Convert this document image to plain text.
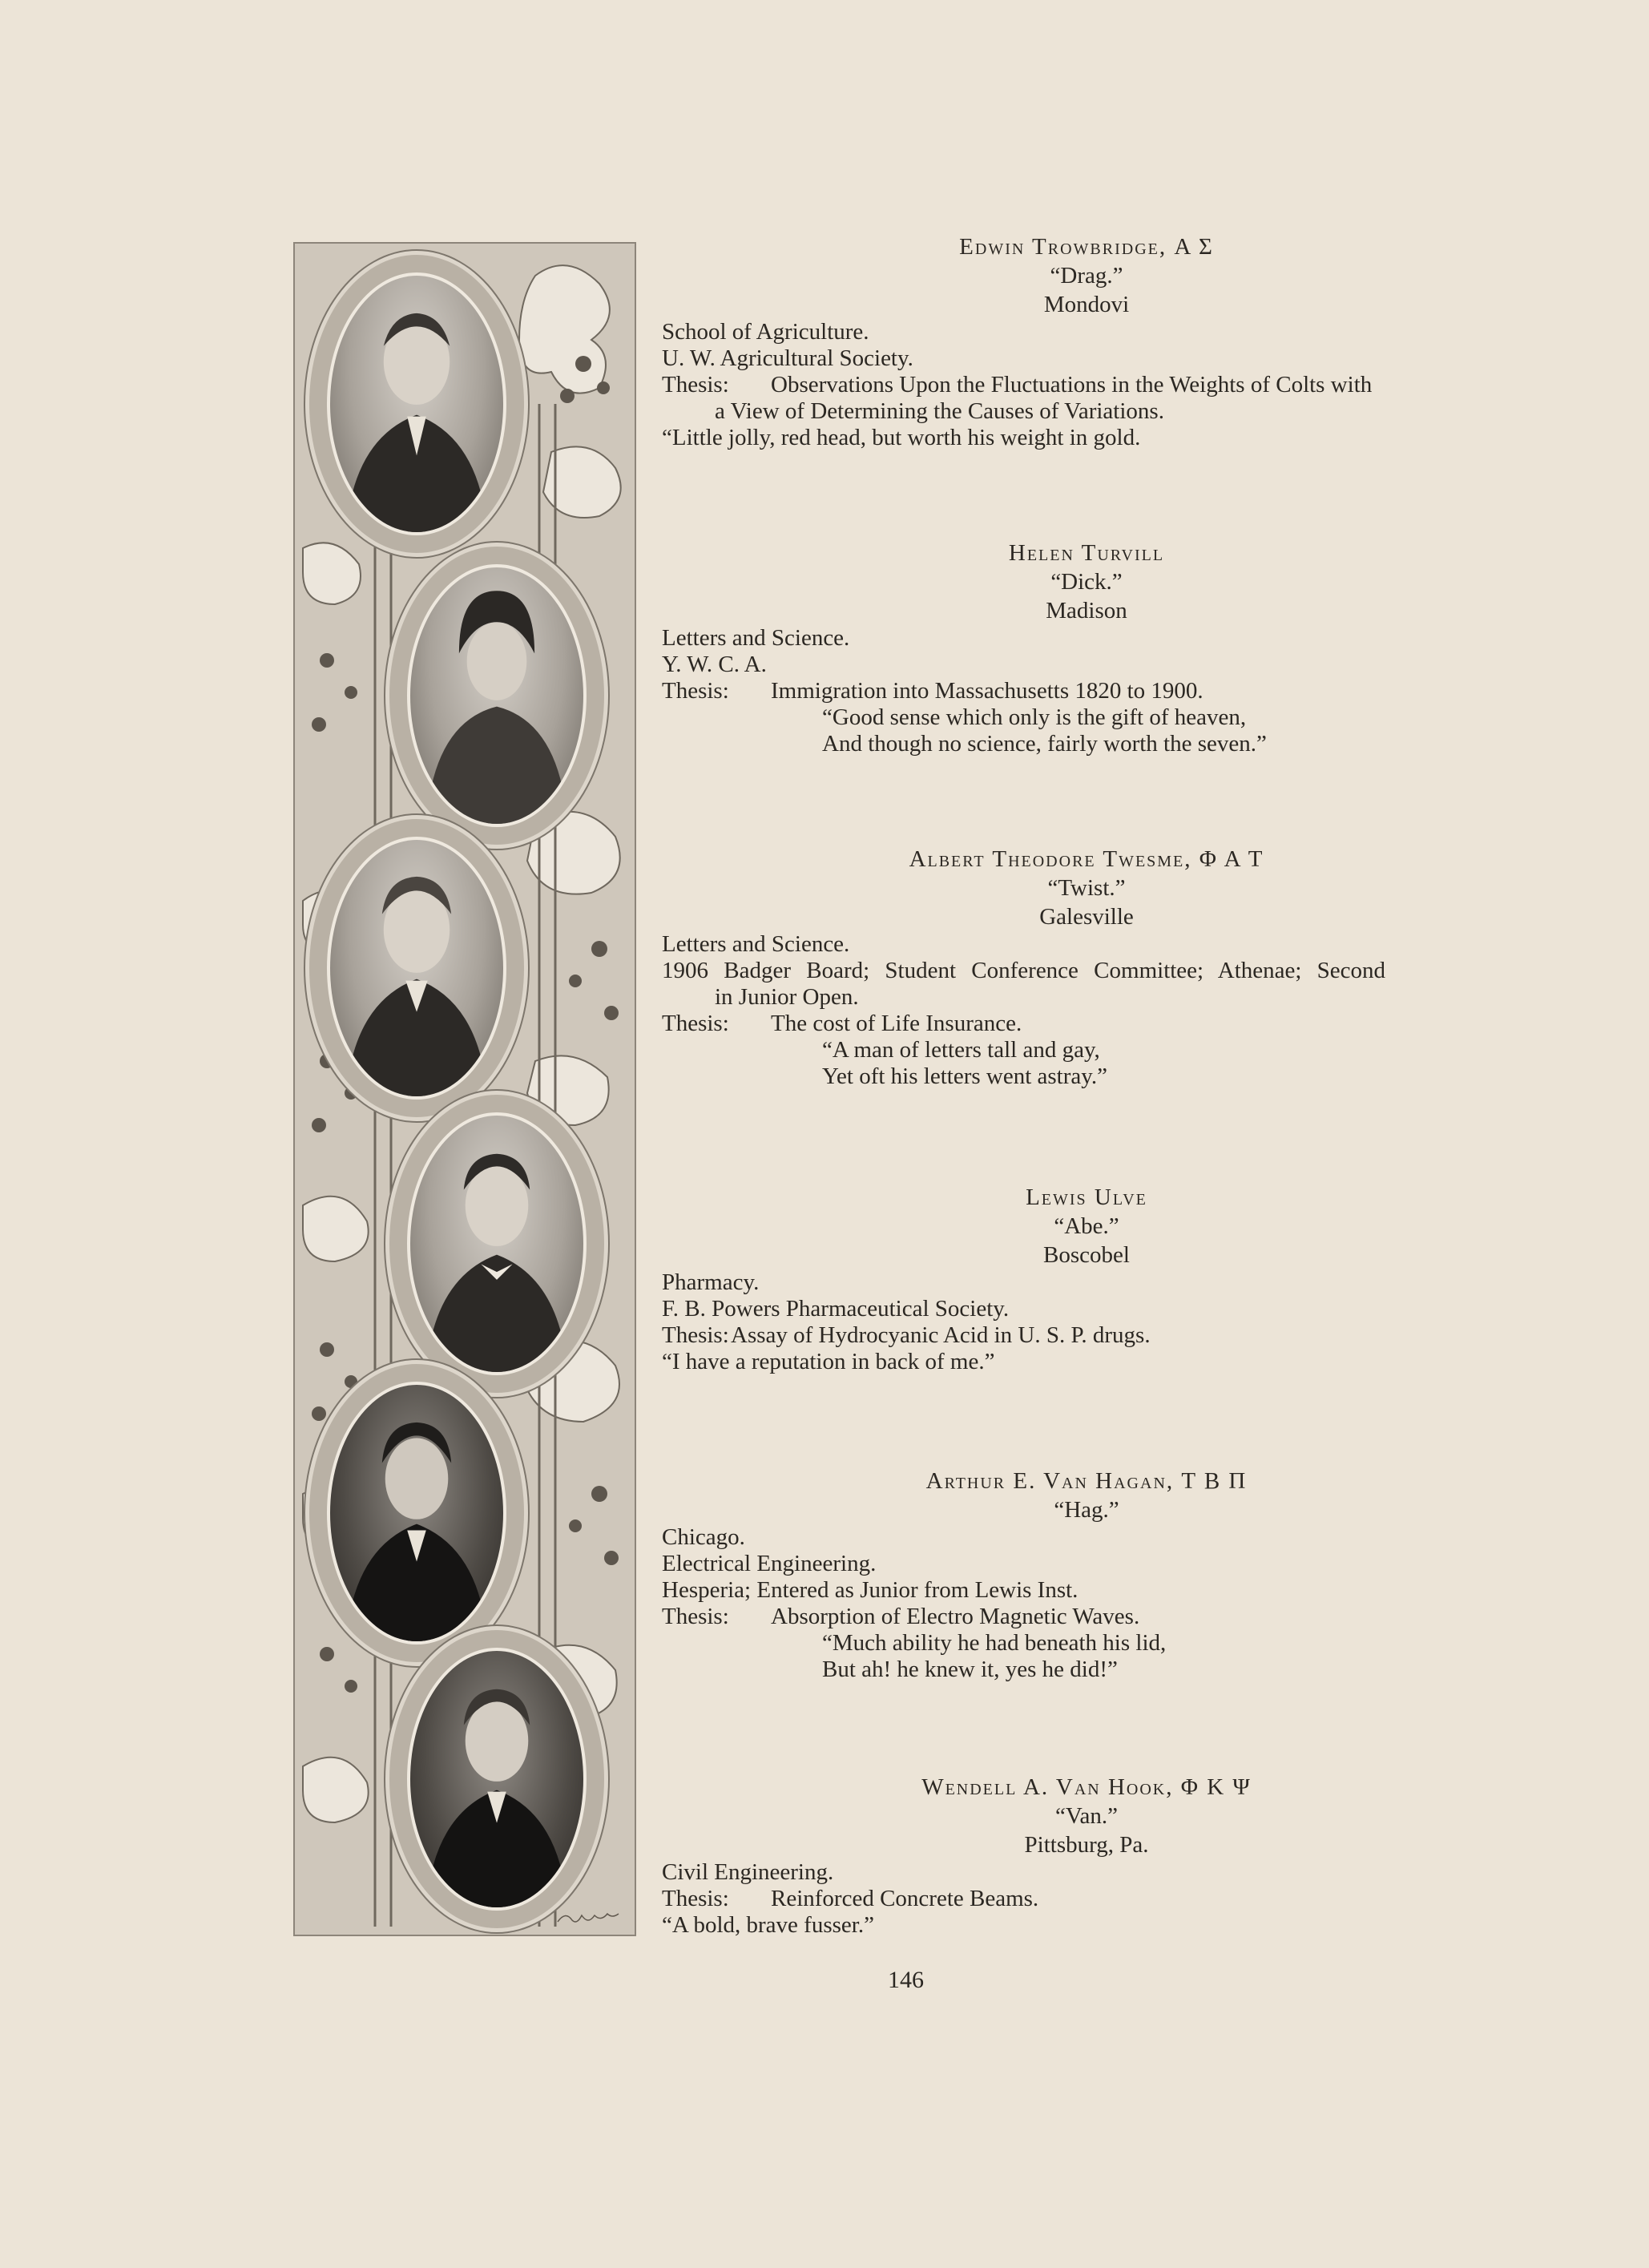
Edwin Trowbridge, Α Σ
“Drag.”
Mondovi
School of Agriculture.
U. W. Agricultural Society.
Thesis: Observations Upon the Fluctuations in the Weights of Colts with
a View of Determining the Causes of Variations.
“Little jolly, red head, but worth his weight in gold.
Helen Turvill
“Dick.”
Madison
Letters and Science.
Y. W. C. A.
Thesis: Immigration into Massachusetts 1820 to 1900.
“Good sense which only is the gift of heaven,
And though no science, fairly worth the seven.”
Albert Theodore Twesme, Φ Α Τ
“Twist.”
Galesville
Letters and Science.
1906 Badger Board; Student Conference Committee; Athenae; Second
in Junior Open.
Thesis: The cost of Life Insurance.
“A man of letters tall and gay,
Yet oft his letters went astray.”
Lewis Ulve
“Abe.”
Boscobel
Pharmacy.
F. B. Powers Pharmaceutical Society.
Thesis:Assay of Hydrocyanic Acid in U. S. P. drugs.
“I have a reputation in back of me.”
Arthur E. Van Hagan, Τ Β Π
“Hag.”
Chicago.
Electrical Engineering.
Hesperia; Entered as Junior from Lewis Inst.
Thesis: Absorption of Electro Magnetic Waves.
“Much ability he had beneath his lid,
But ah! he knew it, yes he did!”
Wendell A. Van Hook, Φ Κ Ψ
“Van.”
Pittsburg, Pa.
Civil Engineering.
Thesis: Reinforced Concrete Beams.
“A bold, brave fusser.”
146
